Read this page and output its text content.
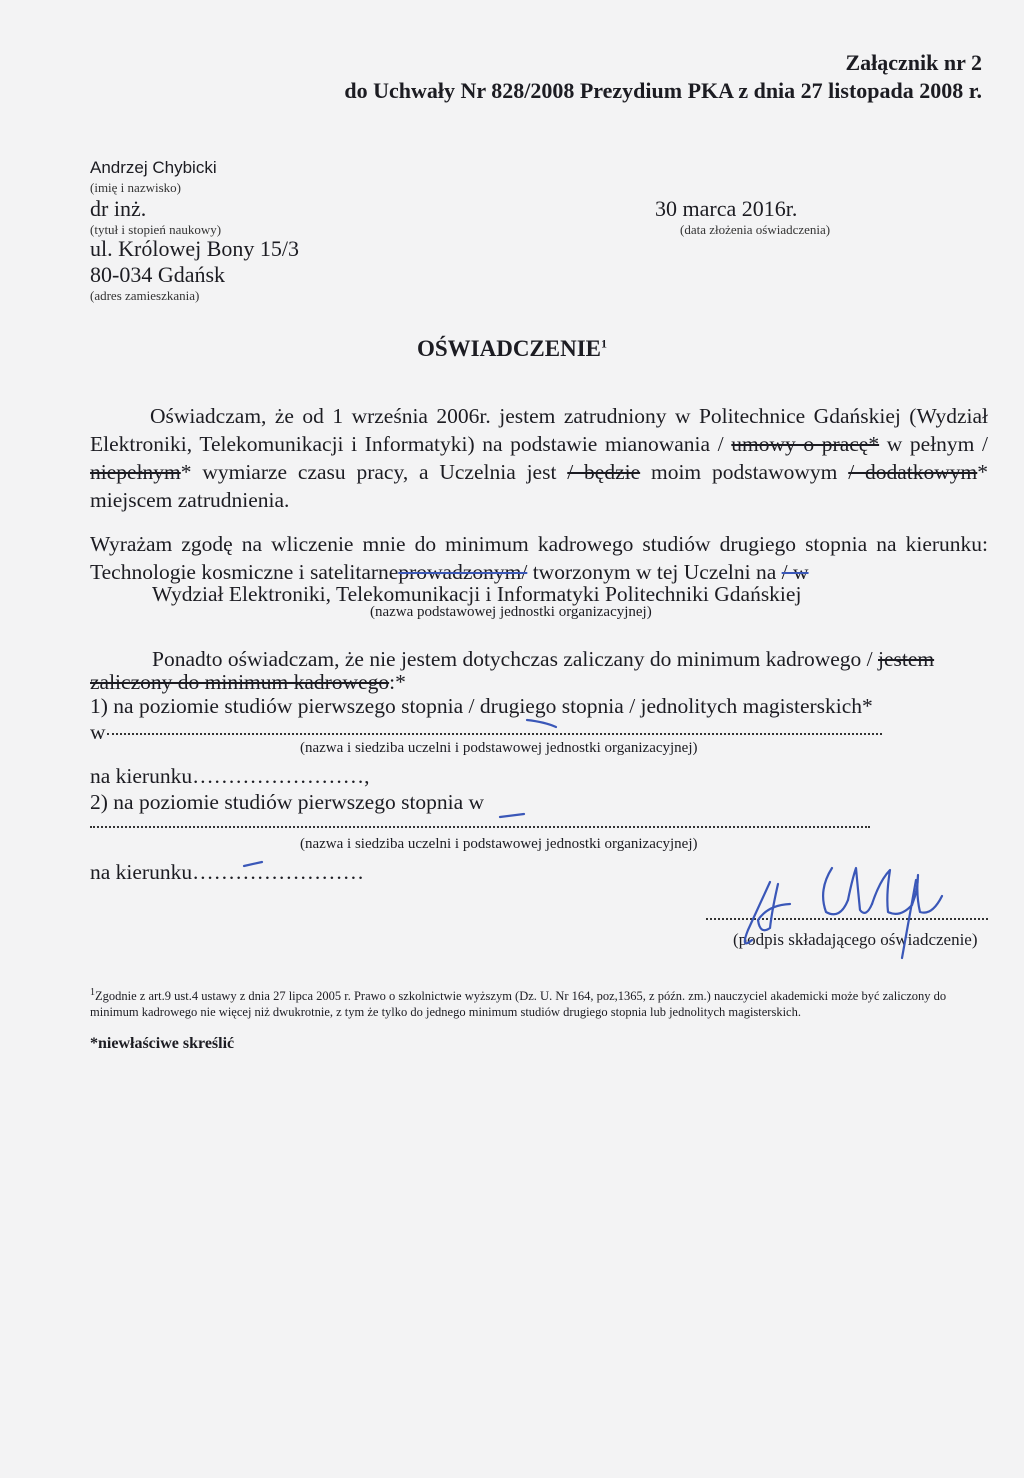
Załącznik nr 2
do Uchwały Nr 828/2008 Prezydium PKA z dnia 27 listopada 2008 r.
Andrzej Chybicki
(imię i nazwisko)
dr inż.
(tytuł i stopień naukowy)
ul. Królowej Bony 15/3
80-034 Gdańsk
(adres zamieszkania)
30 marca 2016r.
(data złożenia oświadczenia)
OŚWIADCZENIE$^1$
Oświadczam, że od 1 września 2006r. jestem zatrudniony w Politechnice Gdańskiej (Wydział
Elektroniki, Telekomunikacji i Informatyki) na podstawie mianowania / umowy o pracę* w pełnym /
niepełnym* wymiarze czasu pracy, a Uczelnia jest / będzie moim podstawowym / dodatkowym*
miejscem zatrudnienia.
Wyrażam zgodę na wliczenie mnie do minimum kadrowego studiów drugiego stopnia na kierunku:
Technologie kosmiczne i satelitarneprowadzonym/ tworzonym w tej Uczelni na / w
Wydział Elektroniki, Telekomunikacji i Informatyki Politechniki Gdańskiej
(nazwa podstawowej jednostki organizacyjnej)
Ponadto oświadczam, że nie jestem dotychczas zaliczany do minimum kadrowego / jestem
zaliczony do minimum kadrowego:*
1) na poziomie studiów pierwszego stopnia / drugiego stopnia / jednolitych magisterskich*
w
(nazwa i siedziba uczelni i podstawowej jednostki organizacyjnej)
na kierunku……………………,
2) na poziomie studiów pierwszego stopnia w
(nazwa i siedziba uczelni i podstawowej jednostki organizacyjnej)
na kierunku……………………
(podpis składającego oświadczenie)
$^1$Zgodnie z art.9 ust.4 ustawy z dnia 27 lipca 2005 r. Prawo o szkolnictwie wyższym (Dz. U. Nr 164, poz,1365, z późn. zm.) nauczyciel akademicki może być zaliczony do minimum kadrowego nie więcej niż dwukrotnie, z tym że tylko do jednego minimum studiów drugiego stopnia lub jednolitych magisterskich.
*niewłaściwe skreślić
